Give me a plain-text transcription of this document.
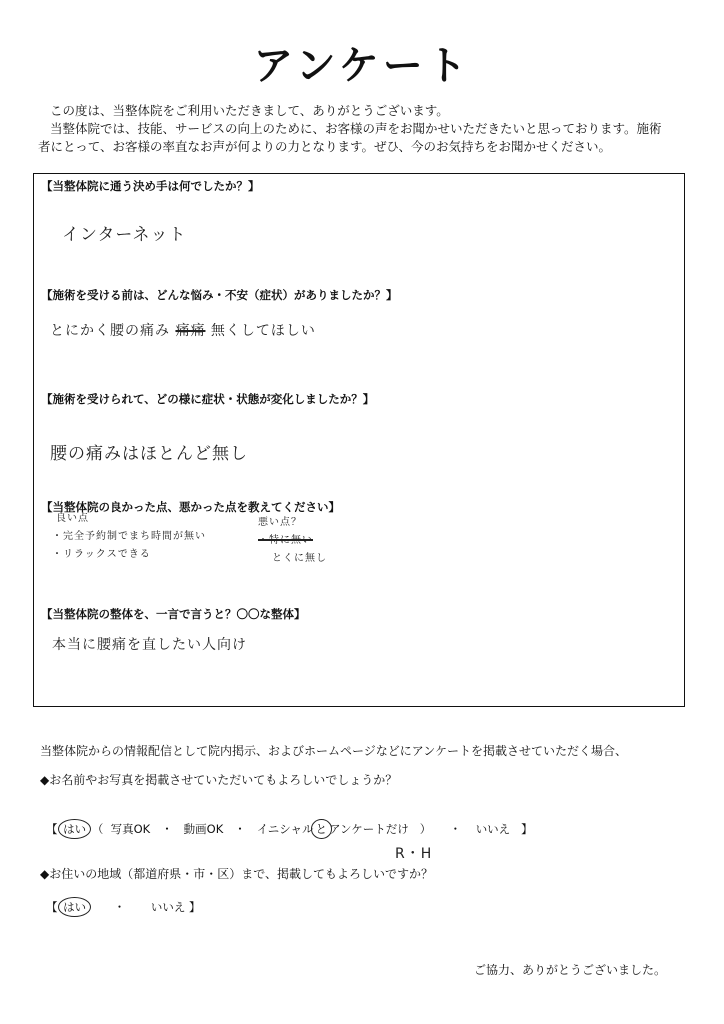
アンケート

この度は、当整体院をご利用いただきまして、ありがとうございます。

当整体院では、技能、サービスの向上のために、お客様の声をお聞かせいただきたいと思っております。施術

者にとって、お客様の率直なお声が何よりの力となります。ぜひ、今のお気持ちをお聞かせください。

【当整体院に通う決め手は何でしたか？】
インターネット
【施術を受ける前は、どんな悩み・不安（症状）がありましたか？】
とにかく腰の痛み 痛痛 無くしてほしい
【施術を受けられて、どの様に症状・状態が変化しましたか？】
腰の痛みはほとんど無し
【当整体院の良かった点、悪かった点を教えてください】
良い点
・完全予約制でまち時間が無い
・リラックスできる
悪い点？
・特に無い
とくに無し
【当整体院の整体を、一言で言うと？〇〇な整体】
本当に腰痛を直したい人向け
当整体院からの情報配信として院内掲示、およびホームページなどにアンケートを掲載させていただく場合、
◆お名前やお写真を掲載させていただいてもよろしいでしょうか？
【 はい （ 写真OK ・ 動画OK ・ イニシャル と アンケートだけ ） ・ いいえ 】
R・H
◆お住いの地域（都道府県・市・区）まで、掲載してもよろしいですか？
【 はい ・ いいえ 】
ご協力、ありがとうございました。
